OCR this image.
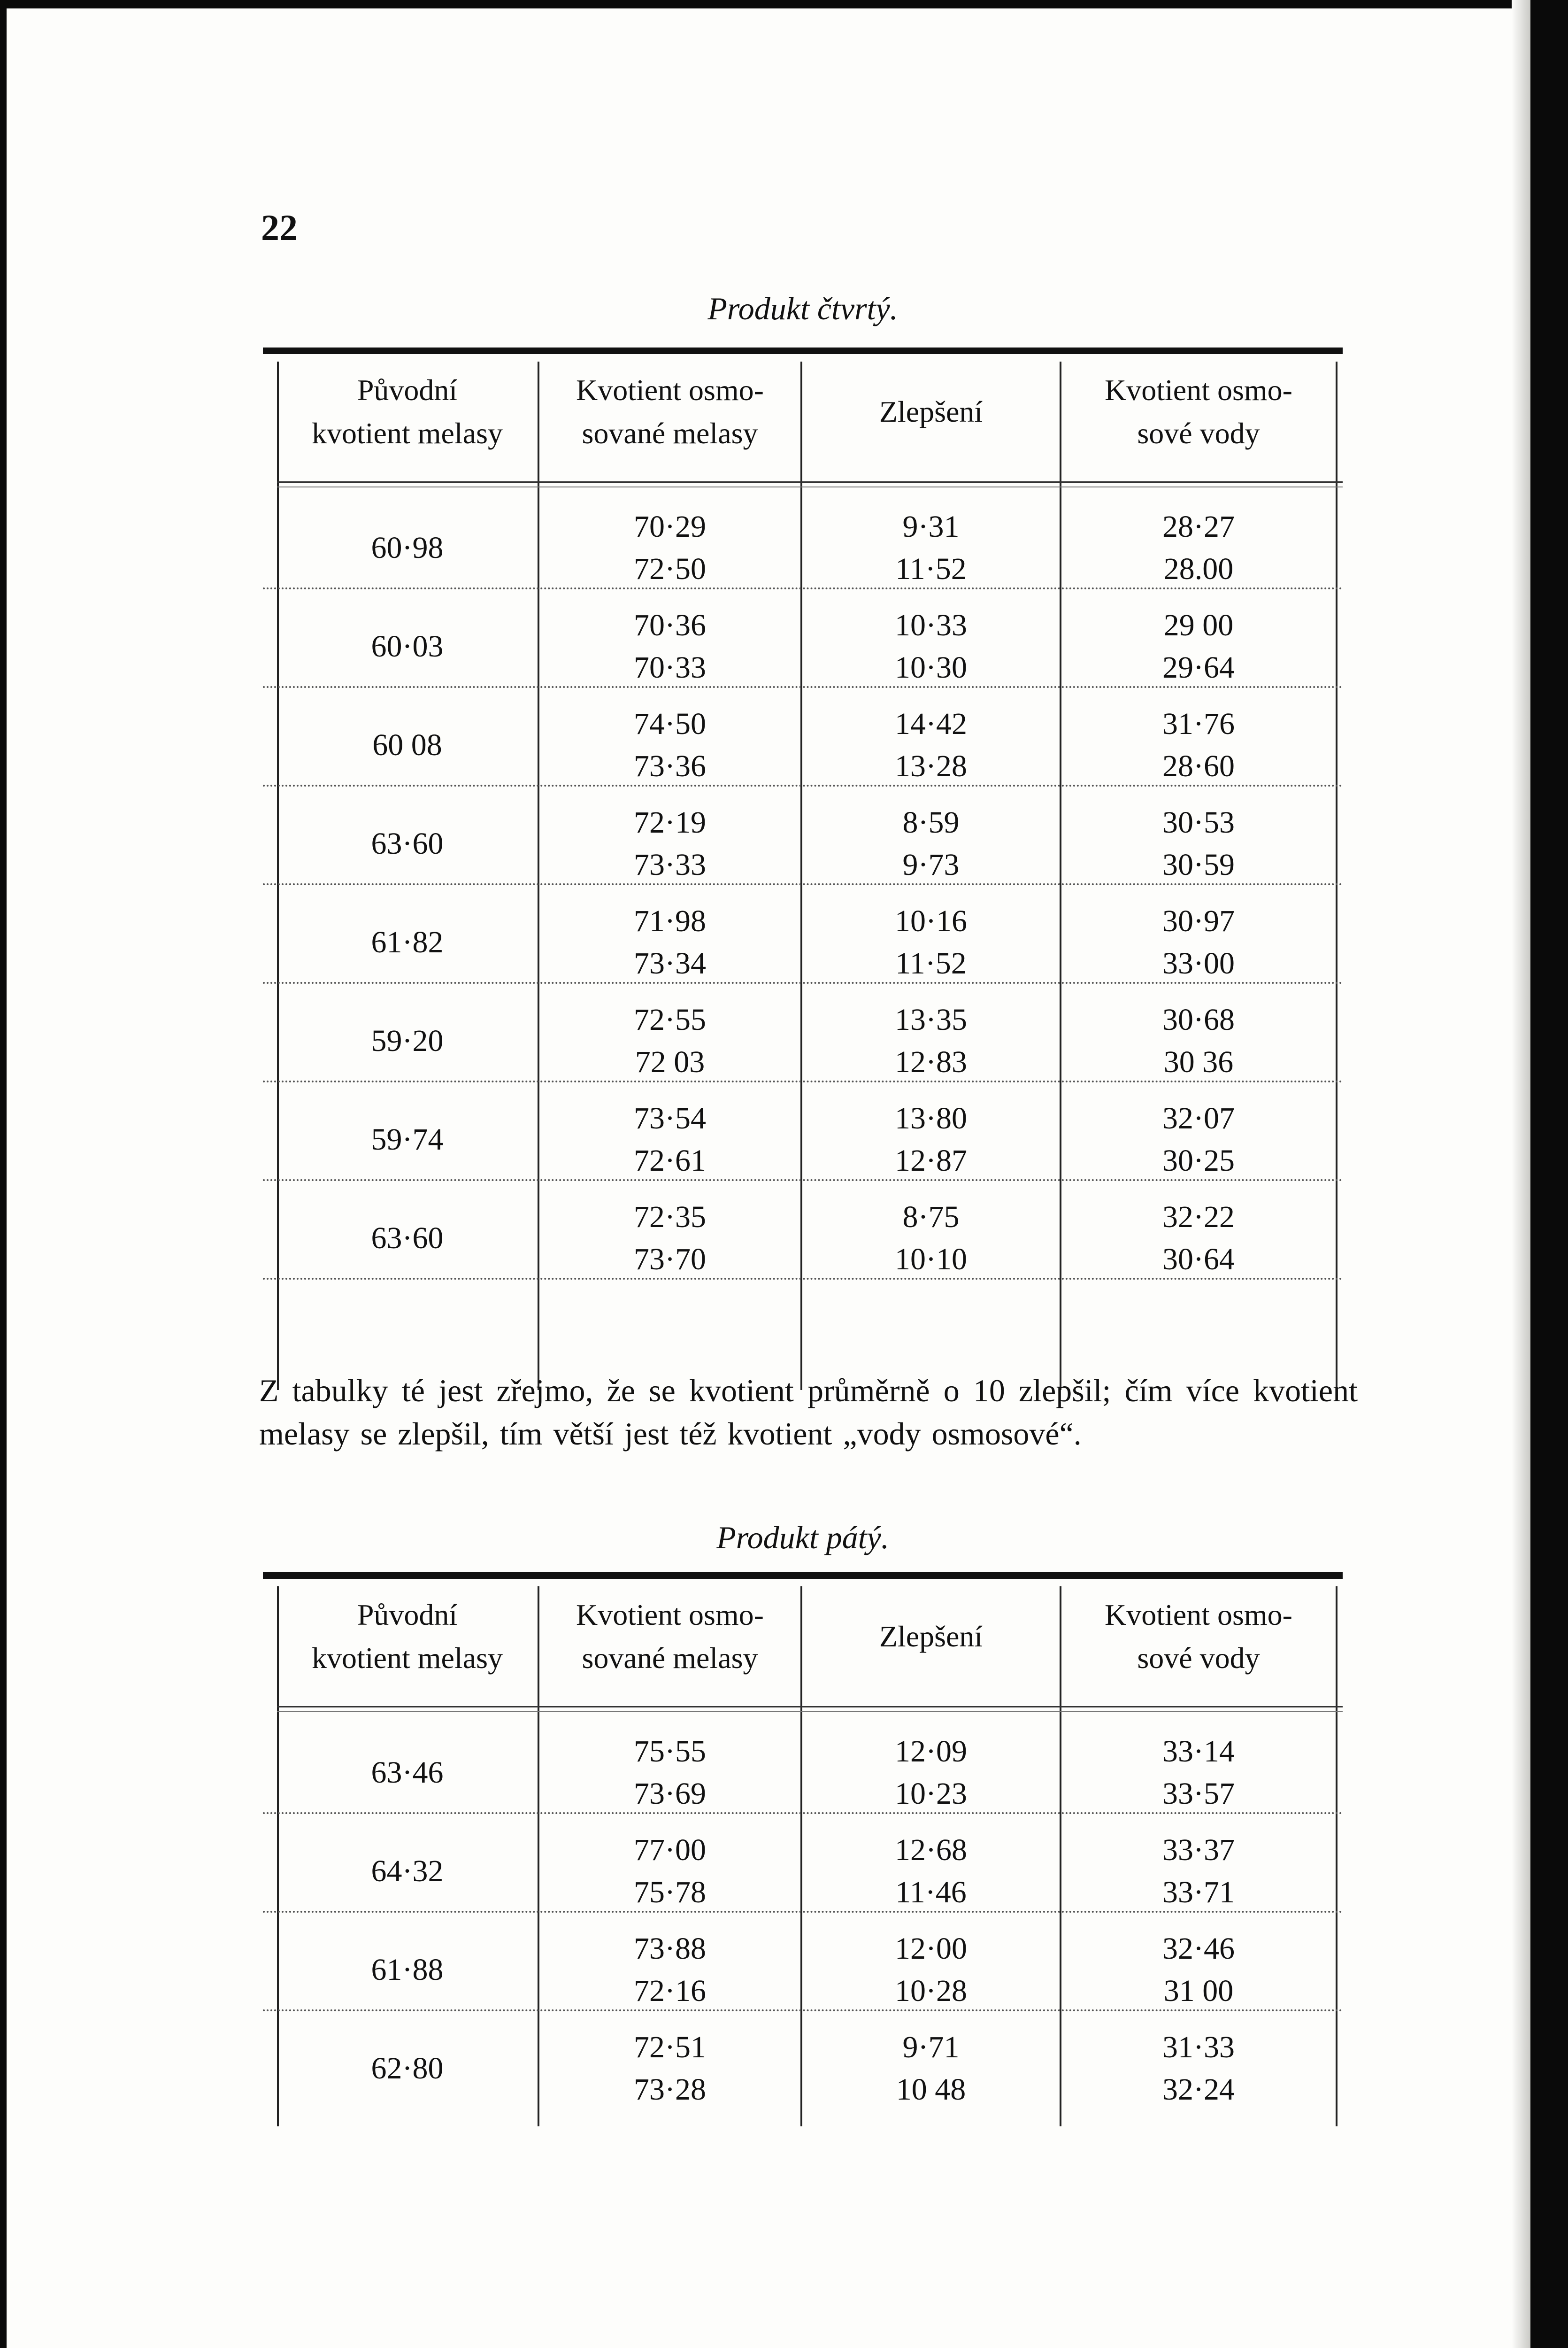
22
Produkt čtvrtý.
Původní
kvotient melasy
Kvotient osmo-
sované melasy
Zlepšení
Kvotient osmo-
sové vody
60·98
70·29
72·50
9·31
11·52
28·27
28.00
60·03
70·36
70·33
10·33
10·30
29 00
29·64
60 08
74·50
73·36
14·42
13·28
31·76
28·60
63·60
72·19
73·33
8·59
9·73
30·53
30·59
61·82
71·98
73·34
10·16
11·52
30·97
33·00
59·20
72·55
72 03
13·35
12·83
30·68
30 36
59·74
73·54
72·61
13·80
12·87
32·07
30·25
63·60
72·35
73·70
8·75
10·10
32·22
30·64
Z tabulky té jest zřejmo, že se kvotient průměrně o 10 zlepšil; čím více kvotient melasy se zlepšil, tím větší jest též kvotient „vody osmosové“.
Produkt pátý.
Původní
kvotient melasy
Kvotient osmo-
sované melasy
Zlepšení
Kvotient osmo-
sové vody
63·46
75·55
73·69
12·09
10·23
33·14
33·57
64·32
77·00
75·78
12·68
11·46
33·37
33·71
61·88
73·88
72·16
12·00
10·28
32·46
31 00
62·80
72·51
73·28
9·71
10 48
31·33
32·24
